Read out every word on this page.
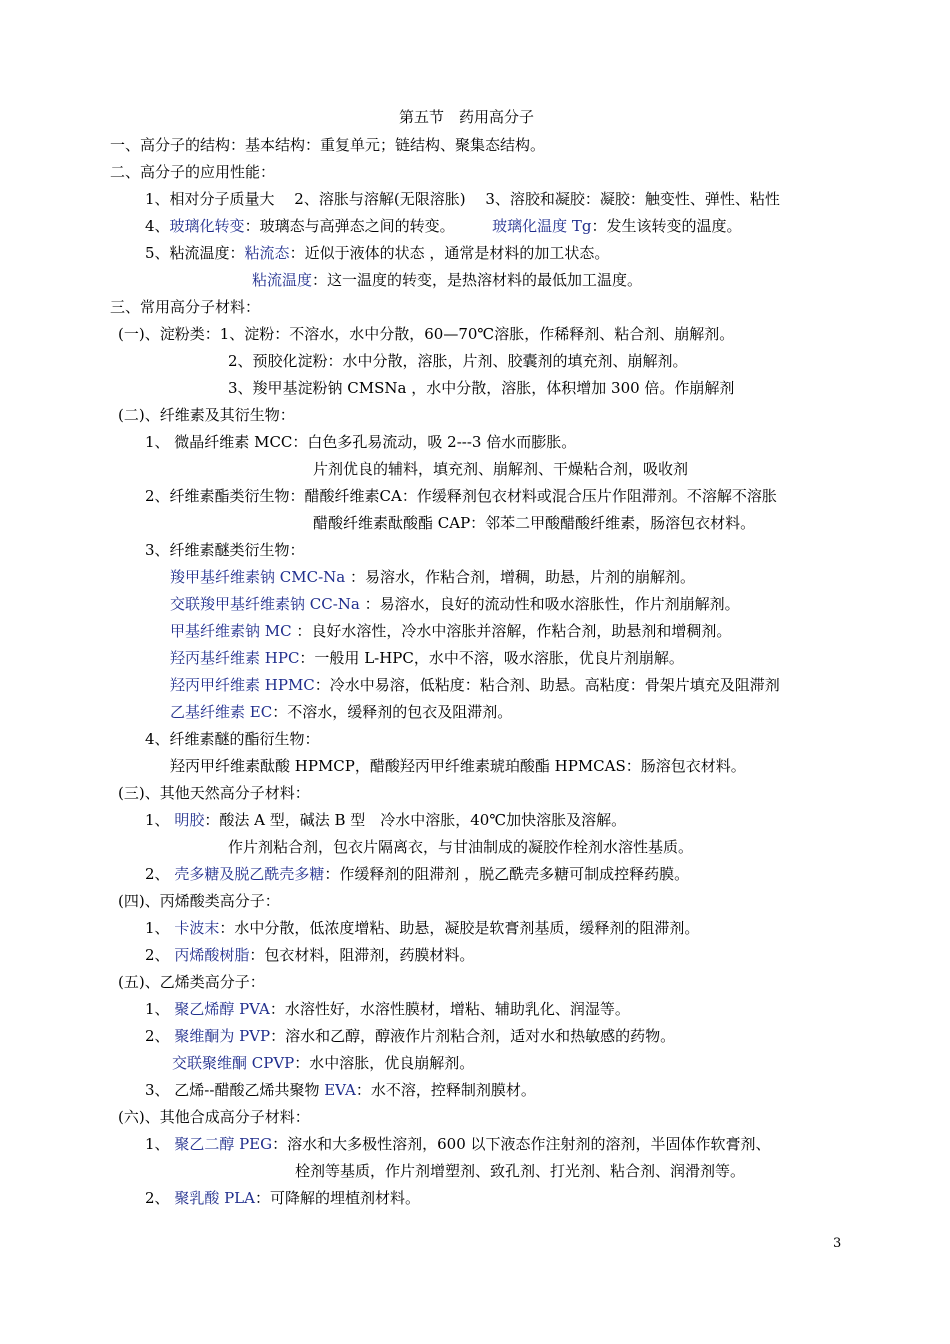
第五节　药用高分子
一、高分子的结构：基本结构：重复单元；链结构、聚集态结构。
二、高分子的应用性能：
1、相对分子质量大　 2、溶胀与溶解(无限溶胀)　 3、溶胶和凝胶：凝胶：触变性、弹性、粘性
4、玻璃化转变：玻璃态与高弹态之间的转变。　　　玻璃化温度 Tg：发生该转变的温度。
5、粘流温度：粘流态：近似于液体的状态 ，通常是材料的加工状态。
粘流温度：这一温度的转变，是热溶材料的最低加工温度。
三、常用高分子材料：
(一)、淀粉类：1、淀粉：不溶水，水中分散，60—70℃溶胀，作稀释剂、粘合剂、崩解剂。
2、预胶化淀粉：水中分散，溶胀，片剂、胶囊剂的填充剂、崩解剂。
3、羧甲基淀粉钠 CMSNa ，水中分散，溶胀，体积增加 300 倍。作崩解剂
(二)、纤维素及其衍生物：
1、 微晶纤维素 MCC：白色多孔易流动，吸 2---3 倍水而膨胀。
片剂优良的辅料，填充剂、崩解剂、干燥粘合剂，吸收剂
2、纤维素酯类衍生物：醋酸纤维素CA：作缓释剂包衣材料或混合压片作阻滞剂。不溶解不溶胀
醋酸纤维素酞酸酯 CAP：邻苯二甲酸醋酸纤维素，肠溶包衣材料。
3、纤维素醚类衍生物：
羧甲基纤维素钠 CMC-Na ：易溶水，作粘合剂，增稠，助悬，片剂的崩解剂。
交联羧甲基纤维素钠 CC-Na ：易溶水，良好的流动性和吸水溶胀性，作片剂崩解剂。
甲基纤维素钠 MC ：良好水溶性，冷水中溶胀并溶解，作粘合剂，助悬剂和增稠剂。
羟丙基纤维素 HPC：一般用 L-HPC，水中不溶，吸水溶胀，优良片剂崩解。
羟丙甲纤维素 HPMC：冷水中易溶，低粘度：粘合剂、助悬。高粘度：骨架片填充及阻滞剂
乙基纤维素 EC：不溶水，缓释剂的包衣及阻滞剂。
4、纤维素醚的酯衍生物：
羟丙甲纤维素酞酸 HPMCP，醋酸羟丙甲纤维素琥珀酸酯 HPMCAS：肠溶包衣材料。
(三)、其他天然高分子材料：
1、 明胶：酸法 A 型，碱法 B 型　冷水中溶胀，40℃加快溶胀及溶解。
作片剂粘合剂，包衣片隔离衣，与甘油制成的凝胶作栓剂水溶性基质。
2、 壳多糖及脱乙酰壳多糖：作缓释剂的阻滞剂 ，脱乙酰壳多糖可制成控释药膜。
(四)、丙烯酸类高分子：
1、 卡波末：水中分散，低浓度增粘、助悬，凝胶是软膏剂基质，缓释剂的阻滞剂。
2、 丙烯酸树脂：包衣材料，阻滞剂，药膜材料。
(五)、乙烯类高分子：
1、 聚乙烯醇 PVA：水溶性好，水溶性膜材，增粘、辅助乳化、润湿等。
2、 聚维酮为 PVP：溶水和乙醇，醇液作片剂粘合剂，适对水和热敏感的药物。
交联聚维酮 CPVP：水中溶胀，优良崩解剂。
3、 乙烯--醋酸乙烯共聚物 EVA：水不溶，控释制剂膜材。
(六)、其他合成高分子材料：
1、 聚乙二醇 PEG：溶水和大多极性溶剂，600 以下液态作注射剂的溶剂，半固体作软膏剂、
栓剂等基质，作片剂增塑剂、致孔剂、打光剂、粘合剂、润滑剂等。
2、 聚乳酸 PLA：可降解的埋植剂材料。
3
